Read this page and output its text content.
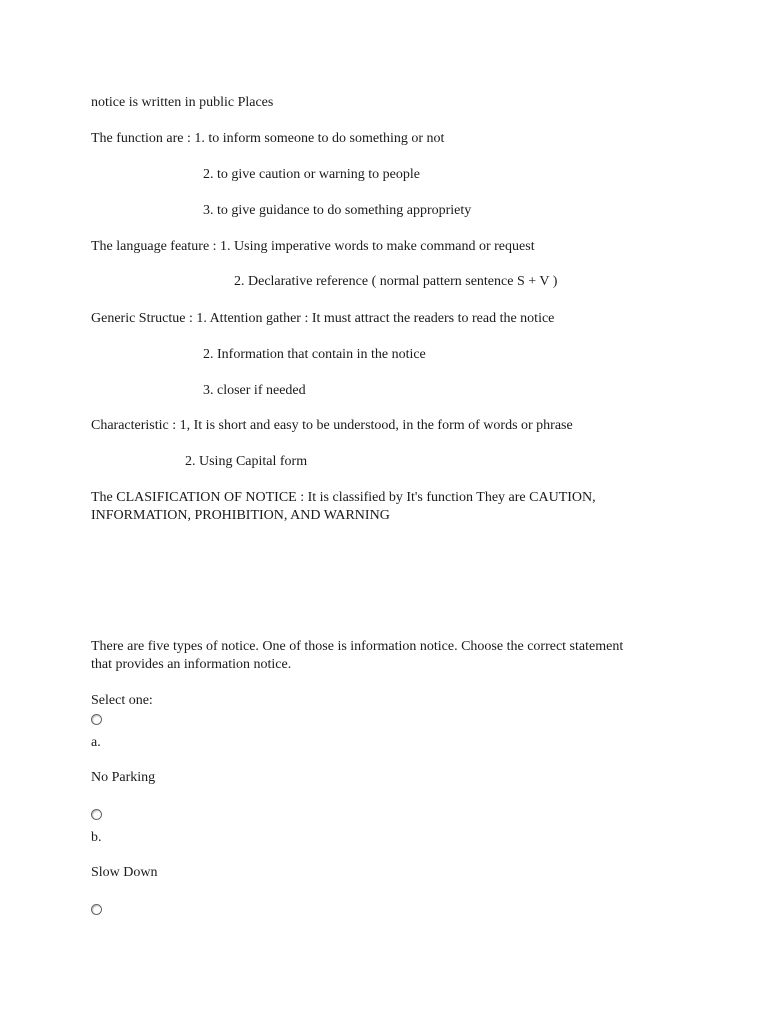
notice is written in public Places
The function are : 1. to inform someone to do something or not
2. to give caution or warning to people
3. to give guidance to do something appropriety
The language feature : 1. Using imperative words to make command or request
2. Declarative reference ( normal pattern sentence S + V )
Generic Structue : 1. Attention gather : It must attract the readers to read the notice
2. Information that contain in the notice
3. closer if needed
Characteristic : 1, It is short and easy to be understood, in the form of words or phrase
2. Using Capital form
The CLASIFICATION OF NOTICE : It is classified by It's function They are CAUTION,
INFORMATION, PROHIBITION, AND WARNING
There are five types of notice. One of those is information notice. Choose the correct statement
that provides an information notice.
Select one:
a.
No Parking
b.
Slow Down
